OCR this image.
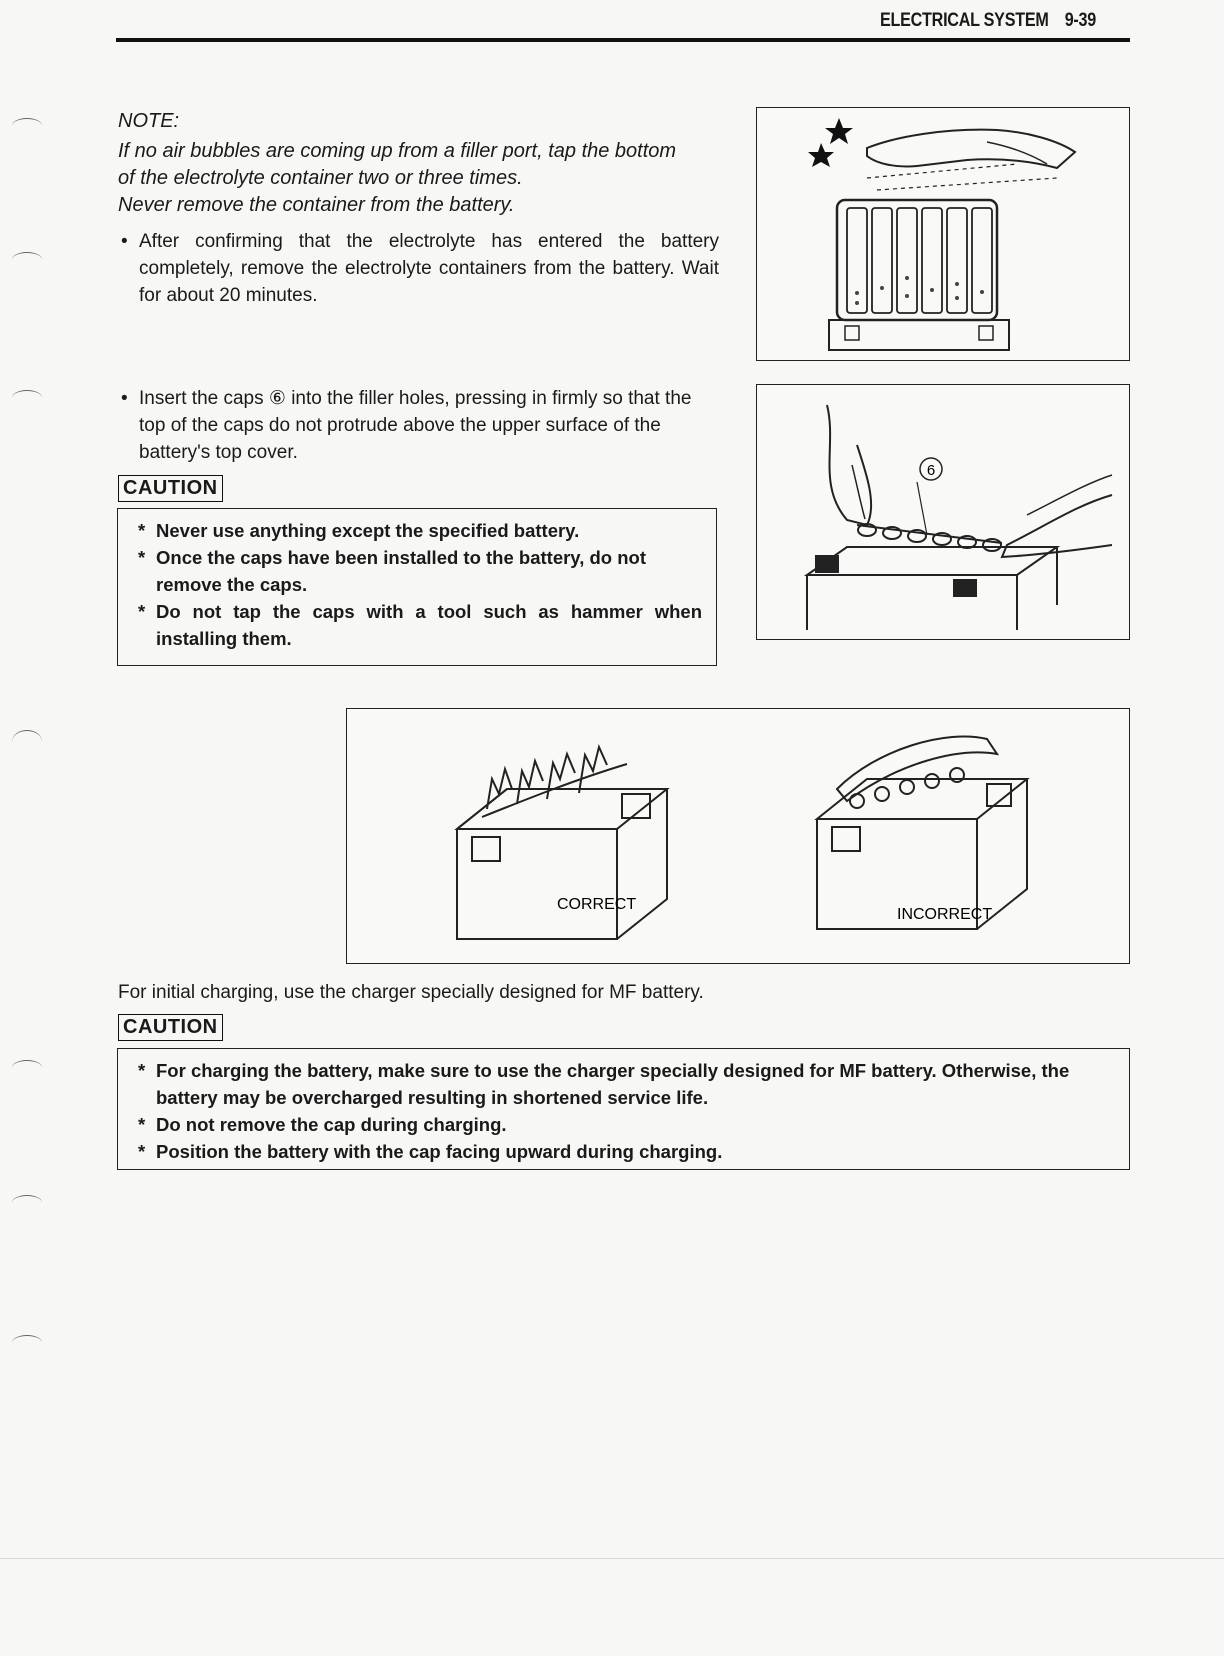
ELECTRICAL SYSTEM 9-39
NOTE:
If no air bubbles are coming up from a filler port, tap the bottom
of the electrolyte container two or three times.
Never remove the container from the battery.
• After confirming that the electrolyte has entered the battery completely, remove the electrolyte containers from the battery. Wait for about 20 minutes.
• Insert the caps ⑥ into the filler holes, pressing in firmly so that the top of the caps do not protrude above the upper surface of the battery's top cover.
6
CAUTION
* Never use anything except the specified battery.
* Once the caps have been installed to the battery, do not remove the caps.
* Do not tap the caps with a tool such as hammer when installing them.
CORRECT
INCORRECT
For initial charging, use the charger specially designed for MF battery.
CAUTION
* For charging the battery, make sure to use the charger specially designed for MF battery. Otherwise, the battery may be overcharged resulting in shortened service life.
* Do not remove the cap during charging.
* Position the battery with the cap facing upward during charging.
